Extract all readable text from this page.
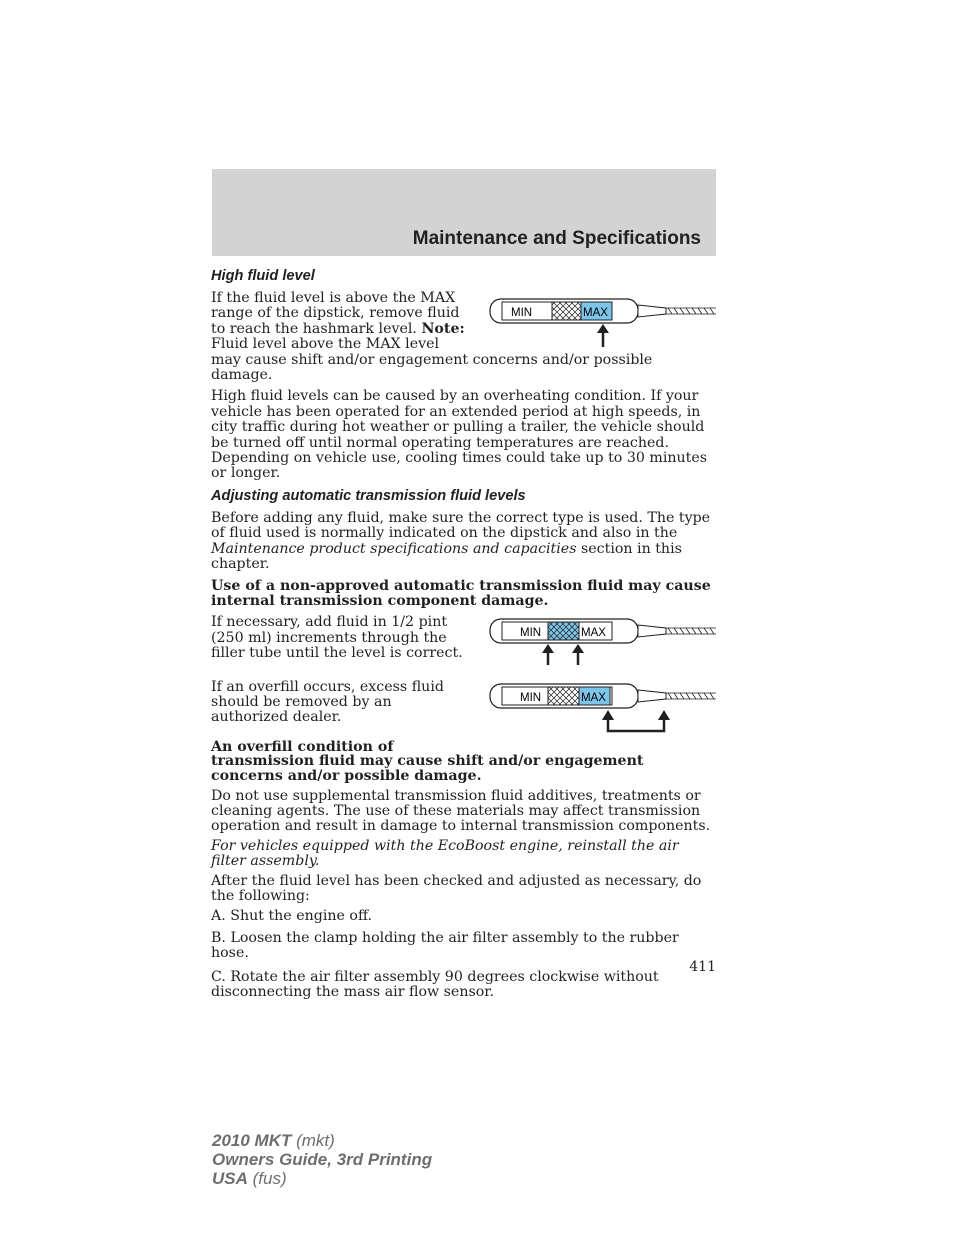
Maintenance and Specifications
High fluid level
MIN	MAX

If the fluid level is above the MAX range of the dipstick, remove fluid to reach the hashmark level. Note: Fluid level above the MAX level may cause shift and/or engagement concerns and/or possible damage.

High fluid levels can be caused by an overheating condition. If your vehicle has been operated for an extended period at high speeds, in city traffic during hot weather or pulling a trailer, the vehicle should be turned off until normal operating temperatures are reached. Depending on vehicle use, cooling times could take up to 30 minutes or longer.

Adjusting automatic transmission fluid levels

Before adding any fluid, make sure the correct type is used. The type of fluid used is normally indicated on the dipstick and also in the Maintenance product specifications and capacities section in this chapter.

Use of a non-approved automatic transmission fluid may cause internal transmission component damage.

MIN	MAX

If necessary, add fluid in 1/2 pint (250 ml) increments through the filler tube until the level is correct.

MIN	MAX

If an overfill occurs, excess fluid should be removed by an authorized dealer.

An overfill condition of
transmission fluid may cause shift and/or engagement concerns and/or possible damage.

Do not use supplemental transmission fluid additives, treatments or cleaning agents. The use of these materials may affect transmission operation and result in damage to internal transmission components.

For vehicles equipped with the EcoBoost engine, reinstall the air filter assembly.

After the fluid level has been checked and adjusted as necessary, do the following:

A. Shut the engine off.

B. Loosen the clamp holding the air filter assembly to the rubber hose.

C. Rotate the air filter assembly 90 degrees clockwise without disconnecting the mass air flow sensor.

411
2010 MKT (mkt)
Owners Guide, 3rd Printing
USA (fus)
